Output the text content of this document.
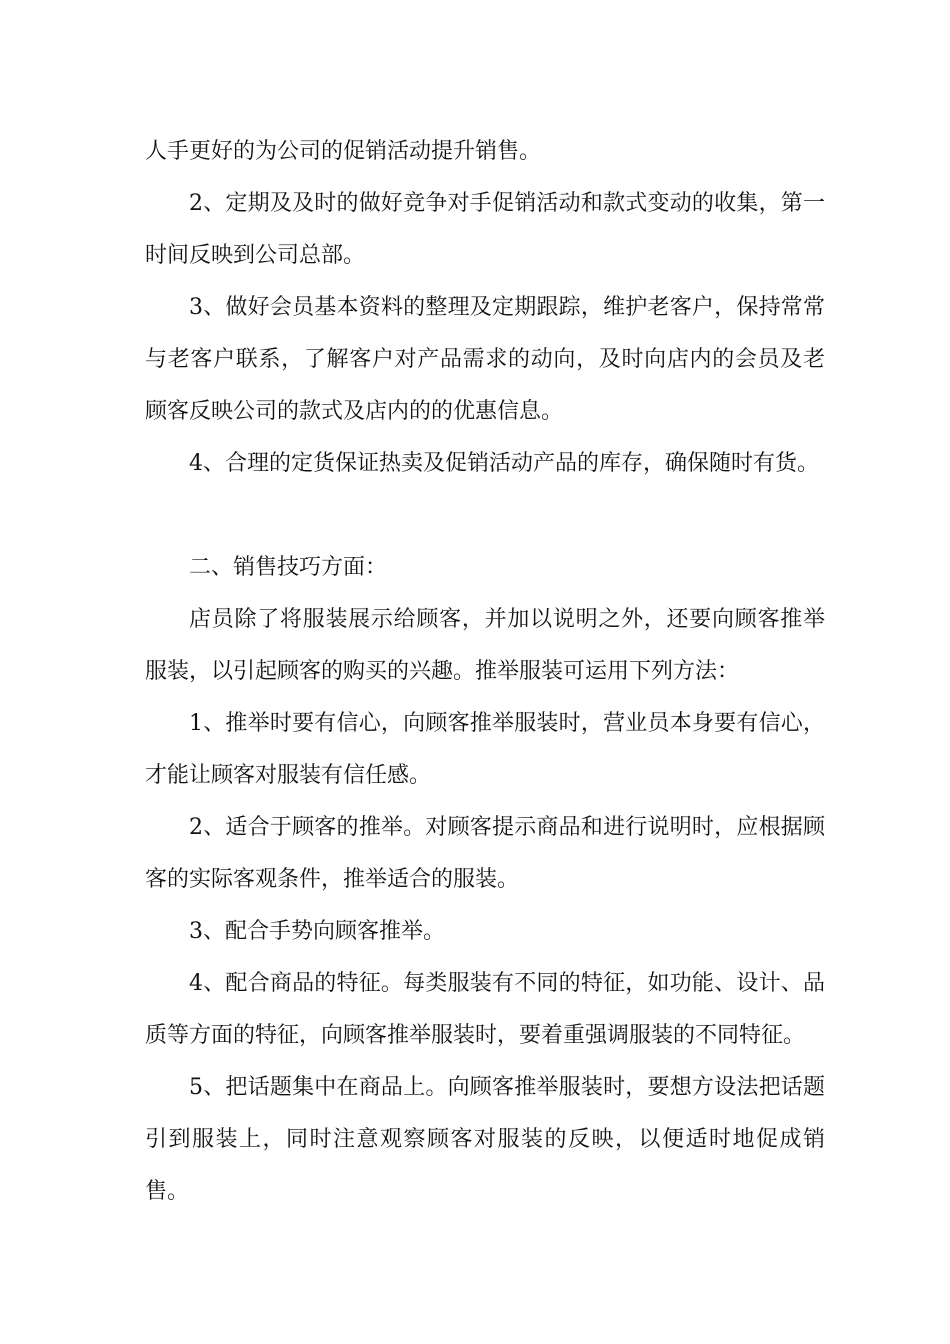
人手更好的为公司的促销活动提升销售。

2、定期及及时的做好竞争对手促销活动和款式变动的收集，第一时间反映到公司总部。

3、做好会员基本资料的整理及定期跟踪，维护老客户，保持常常与老客户联系，了解客户对产品需求的动向，及时向店内的会员及老顾客反映公司的款式及店内的的优惠信息。

4、合理的定货保证热卖及促销活动产品的库存，确保随时有货。

二、销售技巧方面：

店员除了将服装展示给顾客，并加以说明之外，还要向顾客推举服装，以引起顾客的购买的兴趣。推举服装可运用下列方法：

1、推举时要有信心，向顾客推举服装时，营业员本身要有信心，才能让顾客对服装有信任感。

2、适合于顾客的推举。对顾客提示商品和进行说明时，应根据顾客的实际客观条件，推举适合的服装。

3、配合手势向顾客推举。

4、配合商品的特征。每类服装有不同的特征，如功能、设计、品质等方面的特征，向顾客推举服装时，要着重强调服装的不同特征。

5、把话题集中在商品上。向顾客推举服装时，要想方设法把话题引到服装上，同时注意观察顾客对服装的反映，以便适时地促成销售。
